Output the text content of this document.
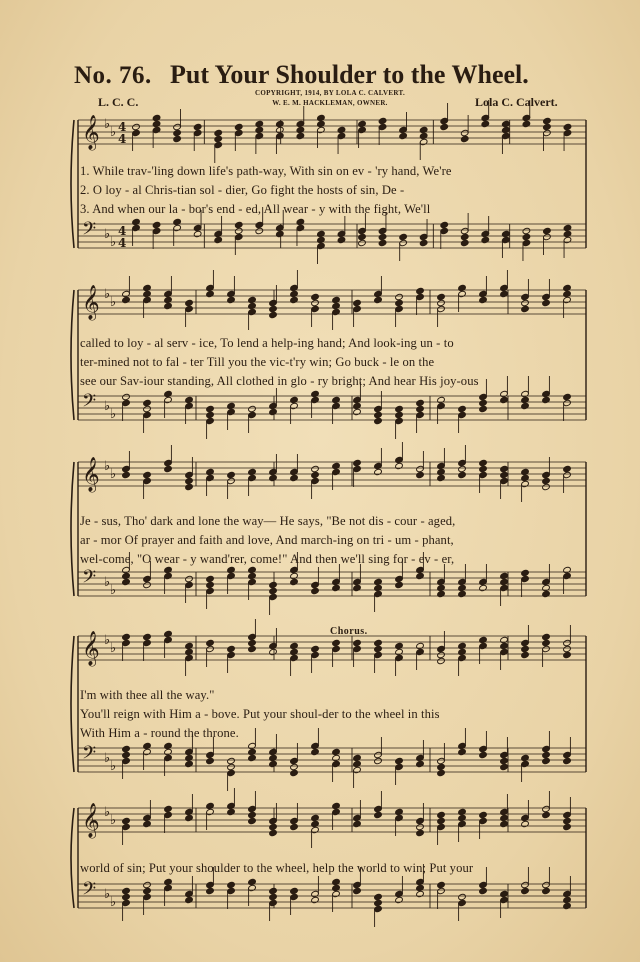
No. 76. Put Your Shoulder to the Wheel.
L. C. C.
COPYRIGHT, 1914, BY LOLA C. CALVERT.
W. E. M. HACKLEMAN, OWNER.	Lola C. Calvert.
Chorus.
𝄞 ♭
♭
𝄢 ♭
♭
4
4
4
4
𝄞 ♭
♭
𝄢 ♭
♭
𝄞 ♭
♭
𝄢 ♭
♭
𝄞 ♭
♭
𝄢 ♭
♭
𝄞 ♭
♭
𝄢 ♭
♭
1. While trav-'ling down life's path-way, With sin on ev - 'ry hand, We're
2. O loy - al Chris-tian sol - dier, Go fight the hosts of sin, De -
3. And when our la - bor's end - ed, All wear - y with the fight, We'll
called to loy - al serv - ice, To lend a help-ing hand; And look-ing un - to
ter-mined not to fal - ter Till you the vic-t'ry win; Go buck - le on the
see our Sav-iour standing, All clothed in glo - ry bright; And hear His joy-ous
Je - sus, Tho' dark and lone the way— He says, "Be not dis - cour - aged,
ar - mor Of prayer and faith and love, And march-ing on tri - um - phant,
wel-come, "O wear - y wand'rer, come!" And then we'll sing for - ev - er,
I'm with thee all the way."
You'll reign with Him a - bove. Put your shoul-der to the wheel in this
With Him a - round the throne.
world of sin; Put your shoulder to the wheel, help the world to win; Put your
